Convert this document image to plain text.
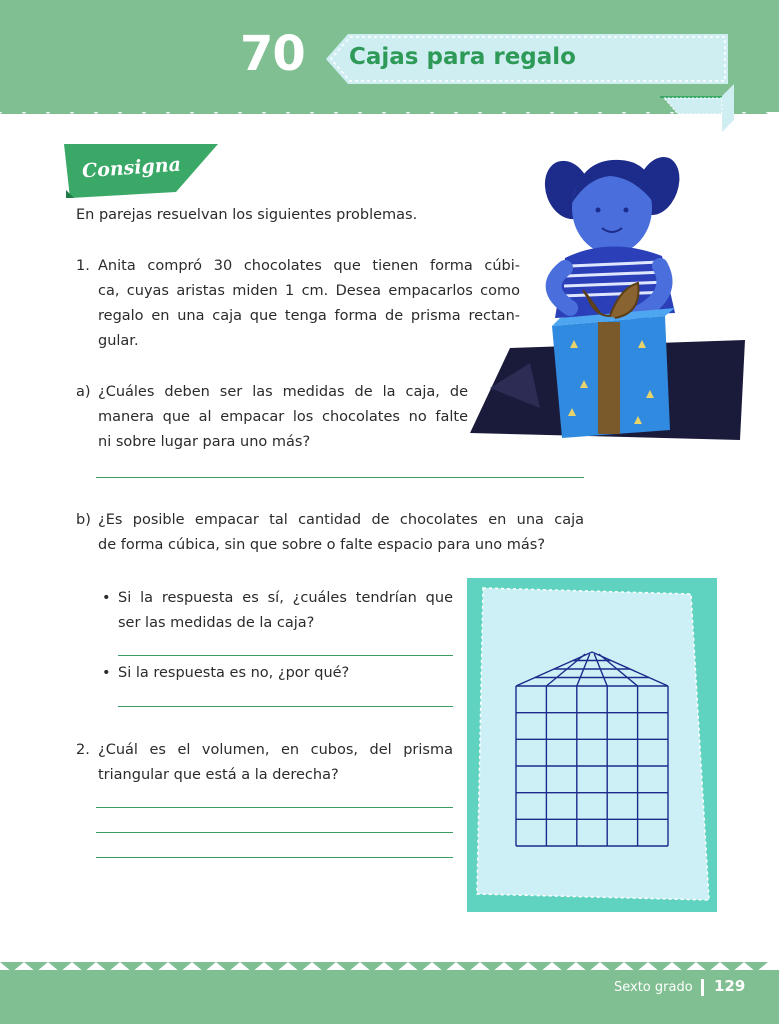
70	Cajas para regalo
Consigna
En parejas resuelvan los siguientes problemas.
1. Anita compró 30 chocolates que tienen forma cúbi-
ca, cuyas aristas miden 1 cm. Desea empacarlos como
regalo en una caja que tenga forma de prisma rectan-
gular.
a) ¿Cuáles deben ser las medidas de la caja, de
manera que al empacar los chocolates no falte
ni sobre lugar para uno más?
b) ¿Es posible empacar tal cantidad de chocolates en una caja
de forma cúbica, sin que sobre o falte espacio para uno más?
• Si la respuesta es sí, ¿cuáles tendrían que
ser las medidas de la caja?
• Si la respuesta es no, ¿por qué?
2. ¿Cuál es el volumen, en cubos, del prisma
triangular que está a la derecha?
Sexto grado 129
